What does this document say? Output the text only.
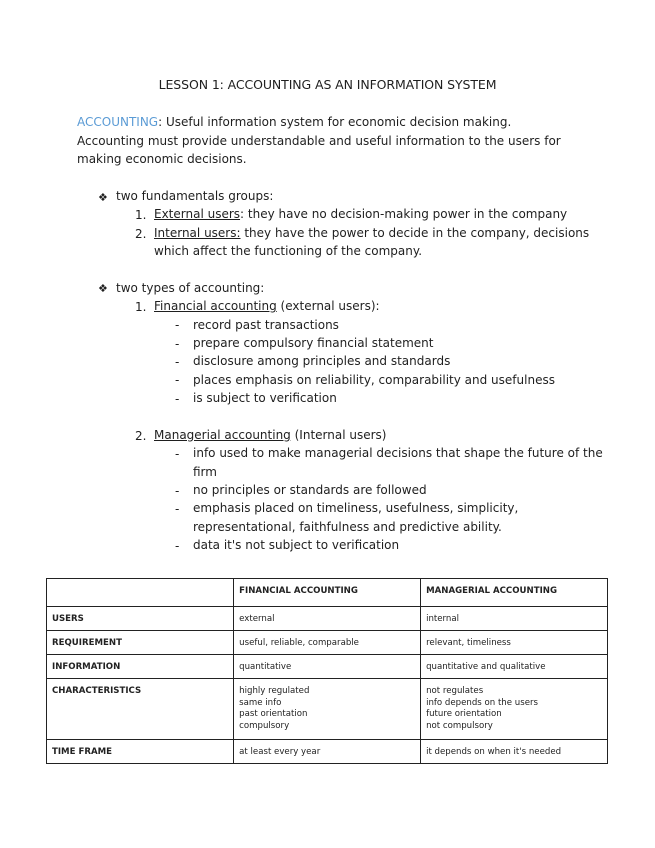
LESSON 1: ACCOUNTING AS AN INFORMATION SYSTEM
ACCOUNTING: Useful information system for economic decision making. Accounting must provide understandable and useful information to the users for making economic decisions.
❖ two fundamentals groups:
1. External users: they have no decision-making power in the company
2. Internal users: they have the power to decide in the company, decisions
which affect the functioning of the company.
❖ two types of accounting:
1. Financial accounting (external users):
- record past transactions
- prepare compulsory financial statement
- disclosure among principles and standards
- places emphasis on reliability, comparability and usefulness
- is subject to verification
2. Managerial accounting (Internal users)
- info used to make managerial decisions that shape the future of the
firm
- no principles or standards are followed
- emphasis placed on timeliness, usefulness, simplicity,
representational, faithfulness and predictive ability.
- data it's not subject to verification
	FINANCIAL ACCOUNTING	MANAGERIAL ACCOUNTING
USERS	external	internal
REQUIREMENT	useful, reliable, comparable	relevant, timeliness
INFORMATION	quantitative	quantitative and qualitative
CHARACTERISTICS	highly regulated
same info
past orientation
compulsory	not regulates
info depends on the users
future orientation
not compulsory

TIME FRAME	at least every year	it depends on when it's needed
